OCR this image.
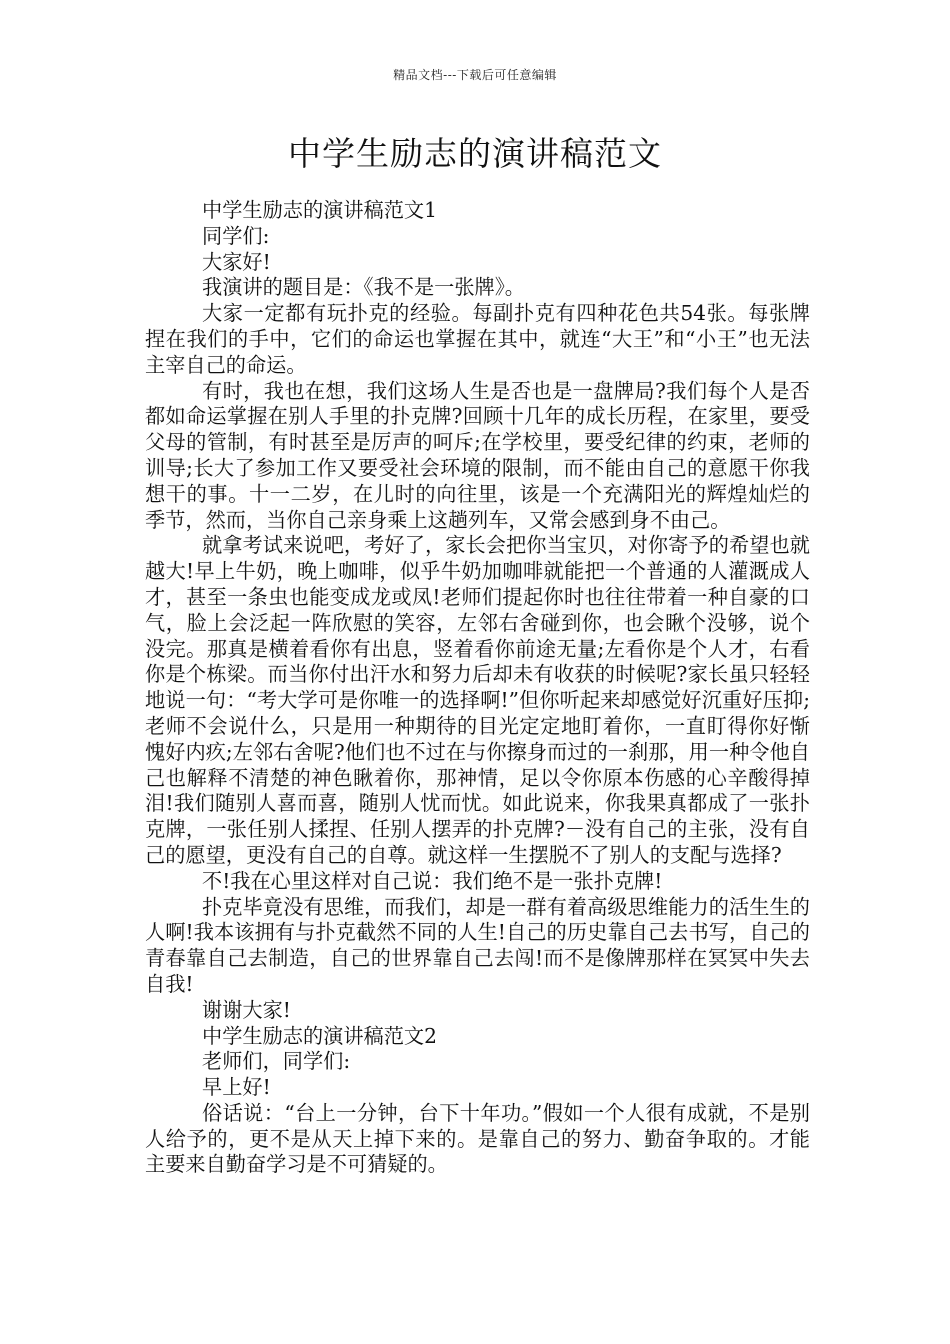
精品文档---下载后可任意编辑
中学生励志的演讲稿范文

中学生励志的演讲稿范文1

同学们:

大家好!

我演讲的题目是：《我不是一张牌》。

大家一定都有玩扑克的经验。每副扑克有四种花色共54张。每张牌捏在我们的手中，它们的命运也掌握在其中，就连“大王”和“小王”也无法主宰自己的命运。

有时，我也在想，我们这场人生是否也是一盘牌局?我们每个人是否都如命运掌握在别人手里的扑克牌?回顾十几年的成长历程，在家里，要受父母的管制，有时甚至是厉声的呵斥;在学校里，要受纪律的约束，老师的训导;长大了参加工作又要受社会环境的限制，而不能由自己的意愿干你我想干的事。十一二岁，在儿时的向往里，该是一个充满阳光的辉煌灿烂的季节，然而，当你自己亲身乘上这趟列车，又常会感到身不由己。

就拿考试来说吧，考好了，家长会把你当宝贝，对你寄予的希望也就越大!早上牛奶，晚上咖啡，似乎牛奶加咖啡就能把一个普通的人灌溉成人才，甚至一条虫也能变成龙或凤!老师们提起你时也往往带着一种自豪的口气，脸上会泛起一阵欣慰的笑容，左邻右舍碰到你，也会瞅个没够，说个没完。那真是横着看你有出息，竖着看你前途无量;左看你是个人才，右看你是个栋梁。而当你付出汗水和努力后却未有收获的时候呢?家长虽只轻轻地说一句：“考大学可是你唯一的选择啊!”但你听起来却感觉好沉重好压抑;老师不会说什么，只是用一种期待的目光定定地盯着你，一直盯得你好惭愧好内疚;左邻右舍呢?他们也不过在与你擦身而过的一刹那，用一种令他自己也解释不清楚的神色瞅着你，那神情，足以令你原本伤感的心辛酸得掉泪!我们随别人喜而喜，随别人忧而忧。如此说来，你我果真都成了一张扑克牌，一张任别人揉捏、任别人摆弄的扑克牌?－没有自己的主张，没有自己的愿望，更没有自己的自尊。就这样一生摆脱不了别人的支配与选择?

不!我在心里这样对自己说：我们绝不是一张扑克牌!

扑克毕竟没有思维，而我们，却是一群有着高级思维能力的活生生的人啊!我本该拥有与扑克截然不同的人生!自己的历史靠自己去书写，自己的青春靠自己去制造，自己的世界靠自己去闯!而不是像牌那样在冥冥中失去自我!

谢谢大家!

中学生励志的演讲稿范文2

老师们，同学们:

早上好!

俗话说：“台上一分钟，台下十年功。”假如一个人很有成就，不是别人给予的，更不是从天上掉下来的。是靠自己的努力、勤奋争取的。才能主要来自勤奋学习是不可猜疑的。
